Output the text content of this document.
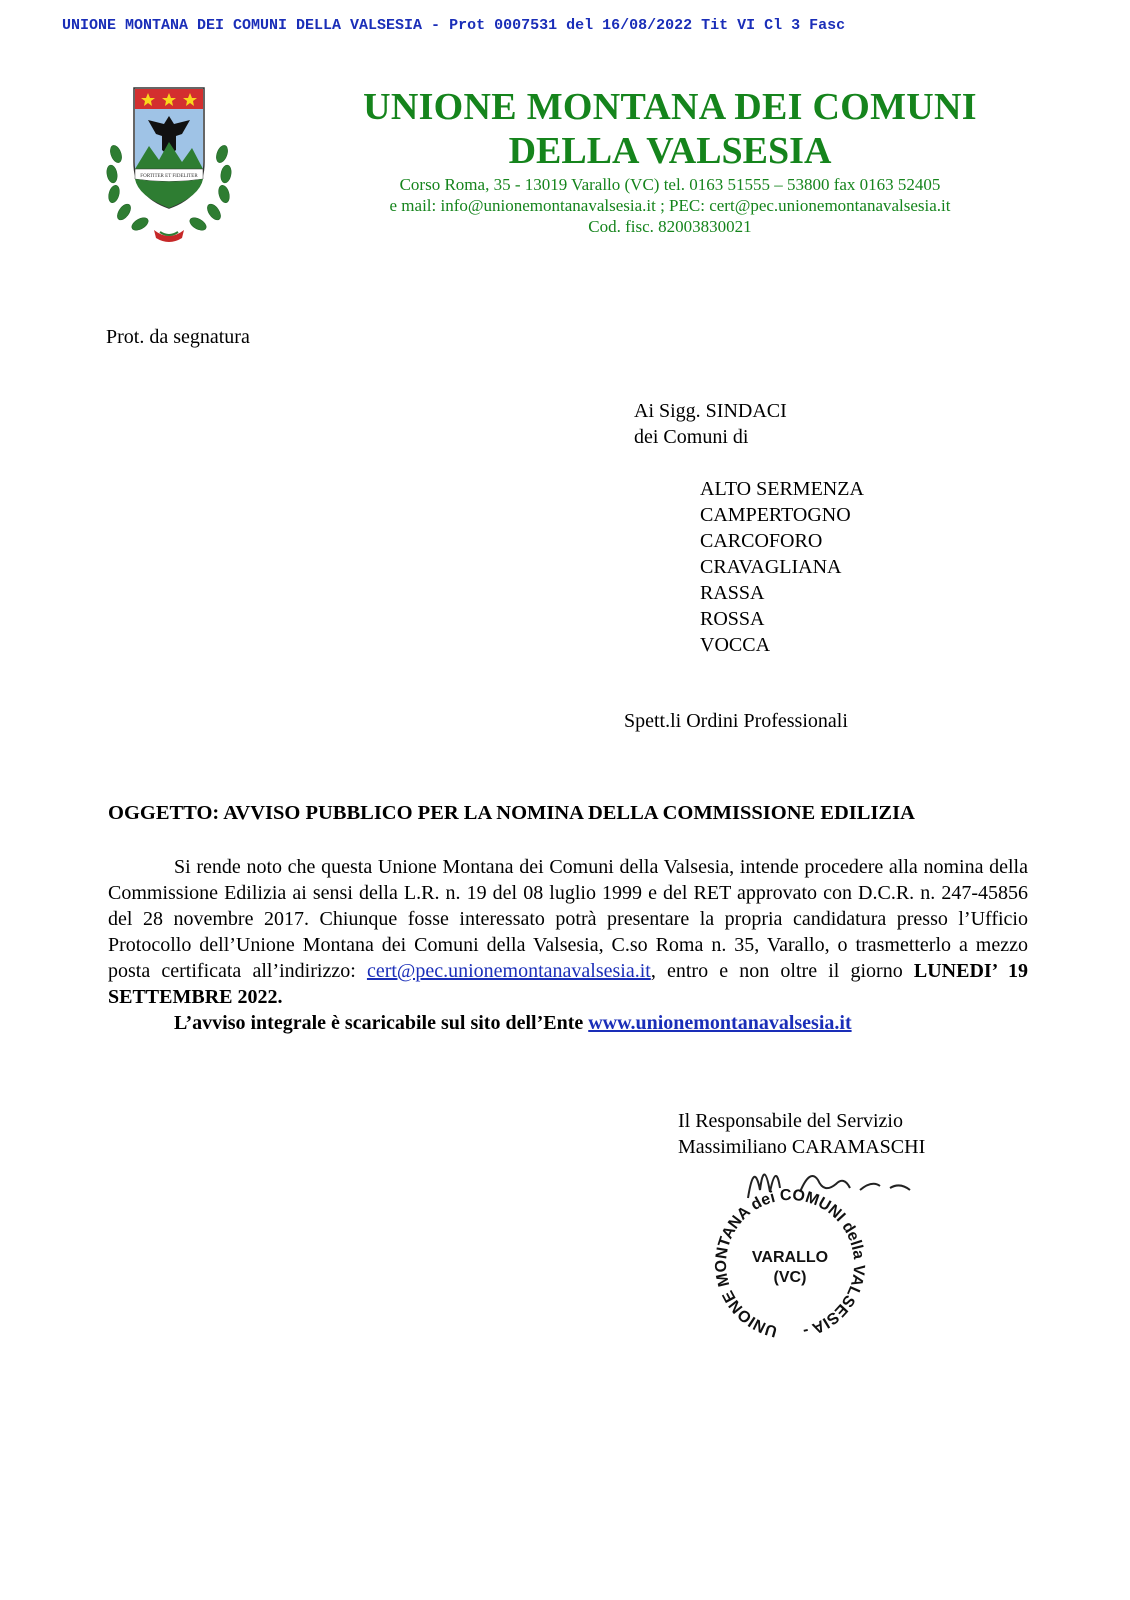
UNIONE MONTANA DEI COMUNI DELLA VALSESIA - Prot 0007531 del 16/08/2022 Tit VI Cl 3 Fasc
FORTITER ET FIDELITER
UNIONE MONTANA DEI COMUNI
DELLA VALSESIA
Corso Roma, 35 - 13019 Varallo (VC) tel. 0163 51555 – 53800 fax 0163 52405
e mail: info@unionemontanavalsesia.it ; PEC: cert@pec.unionemontanavalsesia.it
Cod. fisc. 82003830021
Prot. da segnatura
Ai Sigg. SINDACI
dei Comuni di
ALTO SERMENZA
CAMPERTOGNO
CARCOFORO
CRAVAGLIANA
RASSA
ROSSA
VOCCA
Spett.li Ordini Professionali
OGGETTO: AVVISO PUBBLICO PER LA NOMINA DELLA COMMISSIONE EDILIZIA
Si rende noto che questa Unione Montana dei Comuni della Valsesia, intende procedere alla nomina della Commissione Edilizia ai sensi della L.R. n. 19 del 08 luglio 1999 e del RET approvato con D.C.R. n. 247-45856 del 28 novembre 2017. Chiunque fosse interessato potrà presentare la propria candidatura presso l’Ufficio Protocollo dell’Unione Montana dei Comuni della Valsesia, C.so Roma n. 35, Varallo, o trasmetterlo a mezzo posta certificata all’indirizzo: cert@pec.unionemontanavalsesia.it, entro e non oltre il giorno LUNEDI’ 19 SETTEMBRE 2022.
L’avviso integrale è scaricabile sul sito dell’Ente www.unionemontanavalsesia.it
Il Responsabile del Servizio
Massimiliano CARAMASCHI
UNIONE MONTANA dei COMUNI della VALSESIA -
VARALLO
(VC)
